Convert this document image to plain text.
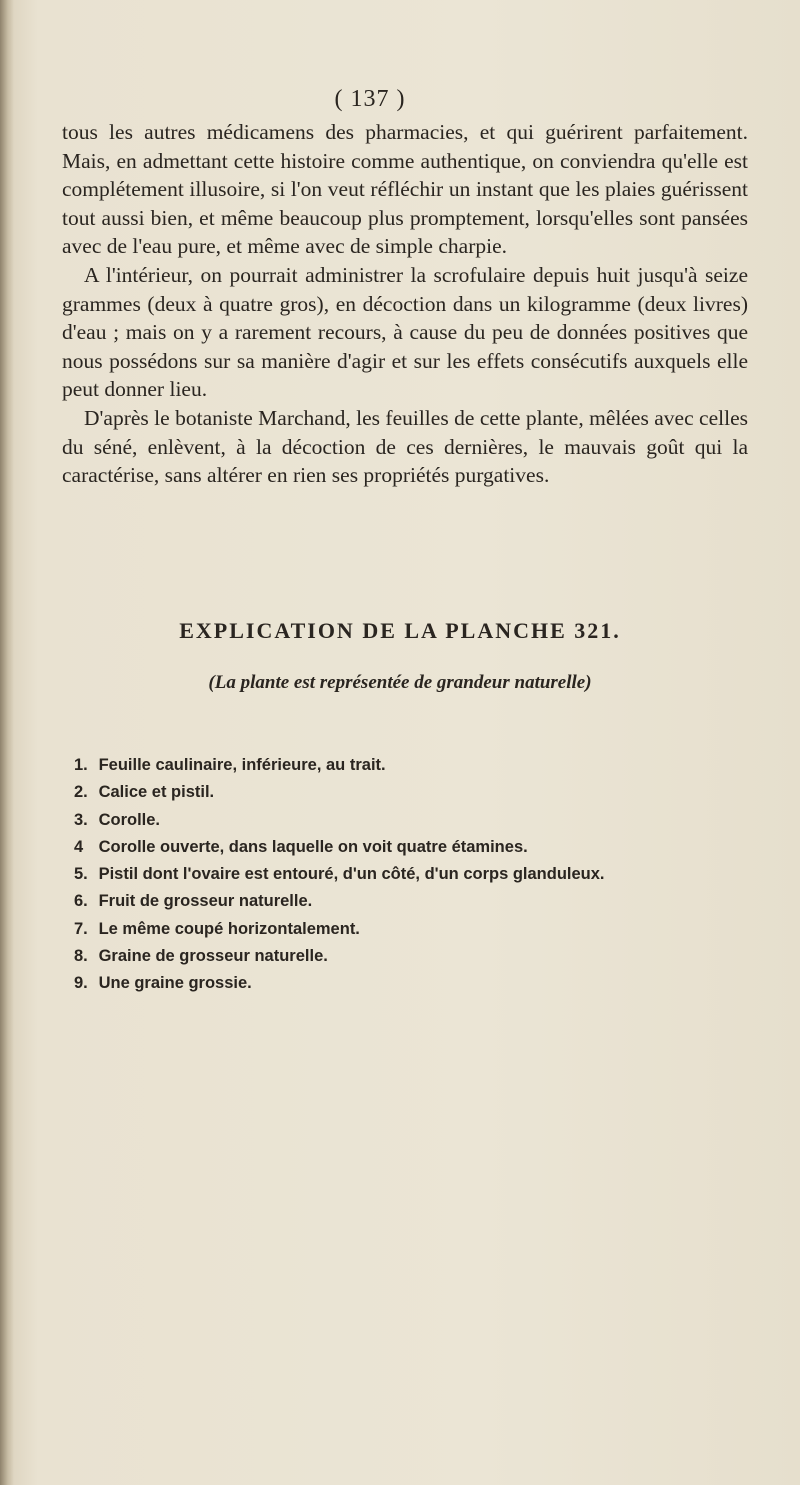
( 137 )

tous les autres médicamens des pharmacies, et qui guérirent parfaitement. Mais, en admettant cette histoire comme authentique, on conviendra qu'elle est complétement illusoire, si l'on veut réfléchir un instant que les plaies guérissent tout aussi bien, et même beaucoup plus promptement, lorsqu'elles sont pansées avec de l'eau pure, et même avec de simple charpie.

A l'intérieur, on pourrait administrer la scrofulaire depuis huit jusqu'à seize grammes (deux à quatre gros), en décoction dans un kilogramme (deux livres) d'eau ; mais on y a rarement recours, à cause du peu de données positives que nous possédons sur sa manière d'agir et sur les effets consécutifs auxquels elle peut donner lieu.

D'après le botaniste Marchand, les feuilles de cette plante, mêlées avec celles du séné, enlèvent, à la décoction de ces dernières, le mauvais goût qui la caractérise, sans altérer en rien ses propriétés purgatives.

EXPLICATION DE LA PLANCHE 321.
(La plante est représentée de grandeur naturelle)
1. Feuille caulinaire, inférieure, au trait.
2. Calice et pistil.
3. Corolle.
4 Corolle ouverte, dans laquelle on voit quatre étamines.
5. Pistil dont l'ovaire est entouré, d'un côté, d'un corps glanduleux.
6. Fruit de grosseur naturelle.
7. Le même coupé horizontalement.
8. Graine de grosseur naturelle.
9. Une graine grossie.
